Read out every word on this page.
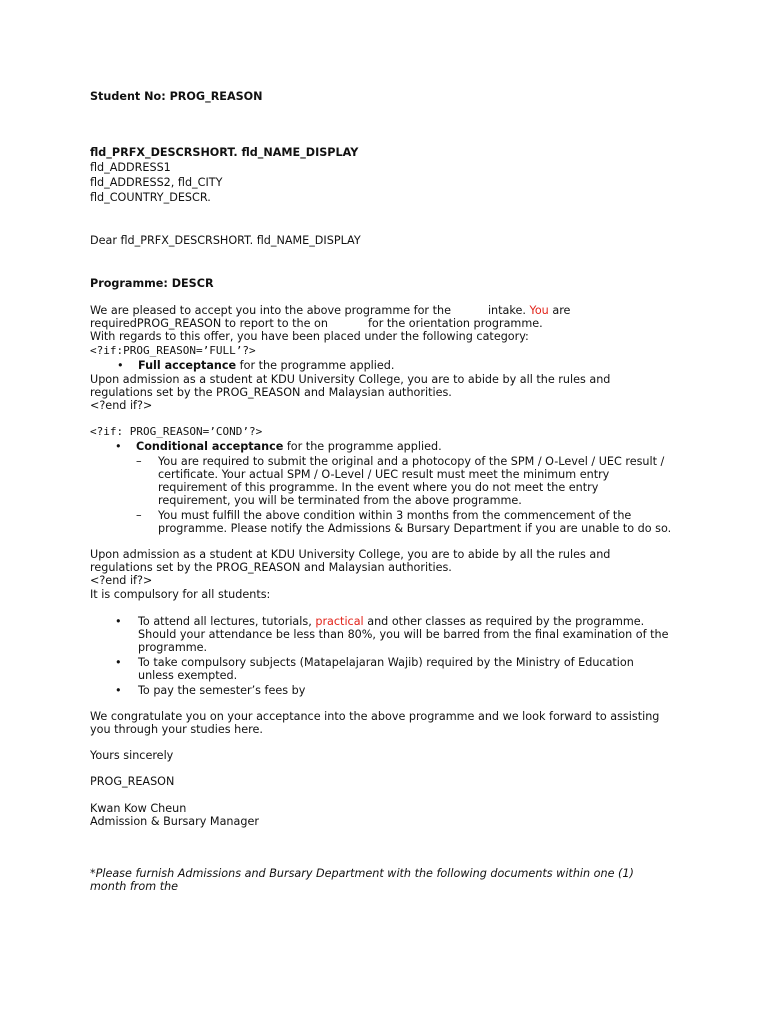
Student No: PROG_REASON
fld_PRFX_DESCRSHORT. fld_NAME_DISPLAY
fld_ADDRESS1
fld_ADDRESS2, fld_CITY
fld_COUNTRY_DESCR.
Dear fld_PRFX_DESCRSHORT. fld_NAME_DISPLAY
Programme: DESCR
We are pleased to accept you into the above programme for the	intake. You are
requiredPROG_REASON to report to the on	for the orientation programme.
With regards to this offer, you have been placed under the following category:
<?if:PROG_REASON=’FULL’?>
• Full acceptance for the programme applied.
Upon admission as a student at KDU University College, you are to abide by all the rules and
regulations set by the PROG_REASON and Malaysian authorities.
<?end if?>
<?if: PROG_REASON=’COND’?>
• Conditional acceptance for the programme applied.
– You are required to submit the original and a photocopy of the SPM / O-Level / UEC result /
certificate. Your actual SPM / O-Level / UEC result must meet the minimum entry
requirement of this programme. In the event where you do not meet the entry
requirement, you will be terminated from the above programme.
– You must fulfill the above condition within 3 months from the commencement of the
programme. Please notify the Admissions & Bursary Department if you are unable to do so.
Upon admission as a student at KDU University College, you are to abide by all the rules and
regulations set by the PROG_REASON and Malaysian authorities.
<?end if?>
It is compulsory for all students:
• To attend all lectures, tutorials, practical and other classes as required by the programme.
Should your attendance be less than 80%, you will be barred from the final examination of the
programme.
• To take compulsory subjects (Matapelajaran Wajib) required by the Ministry of Education
unless exempted.
• To pay the semester’s fees by
We congratulate you on your acceptance into the above programme and we look forward to assisting
you through your studies here.
Yours sincerely
PROG_REASON
Kwan Kow Cheun
Admission & Bursary Manager
*Please furnish Admissions and Bursary Department with the following documents within one (1)
month from the
